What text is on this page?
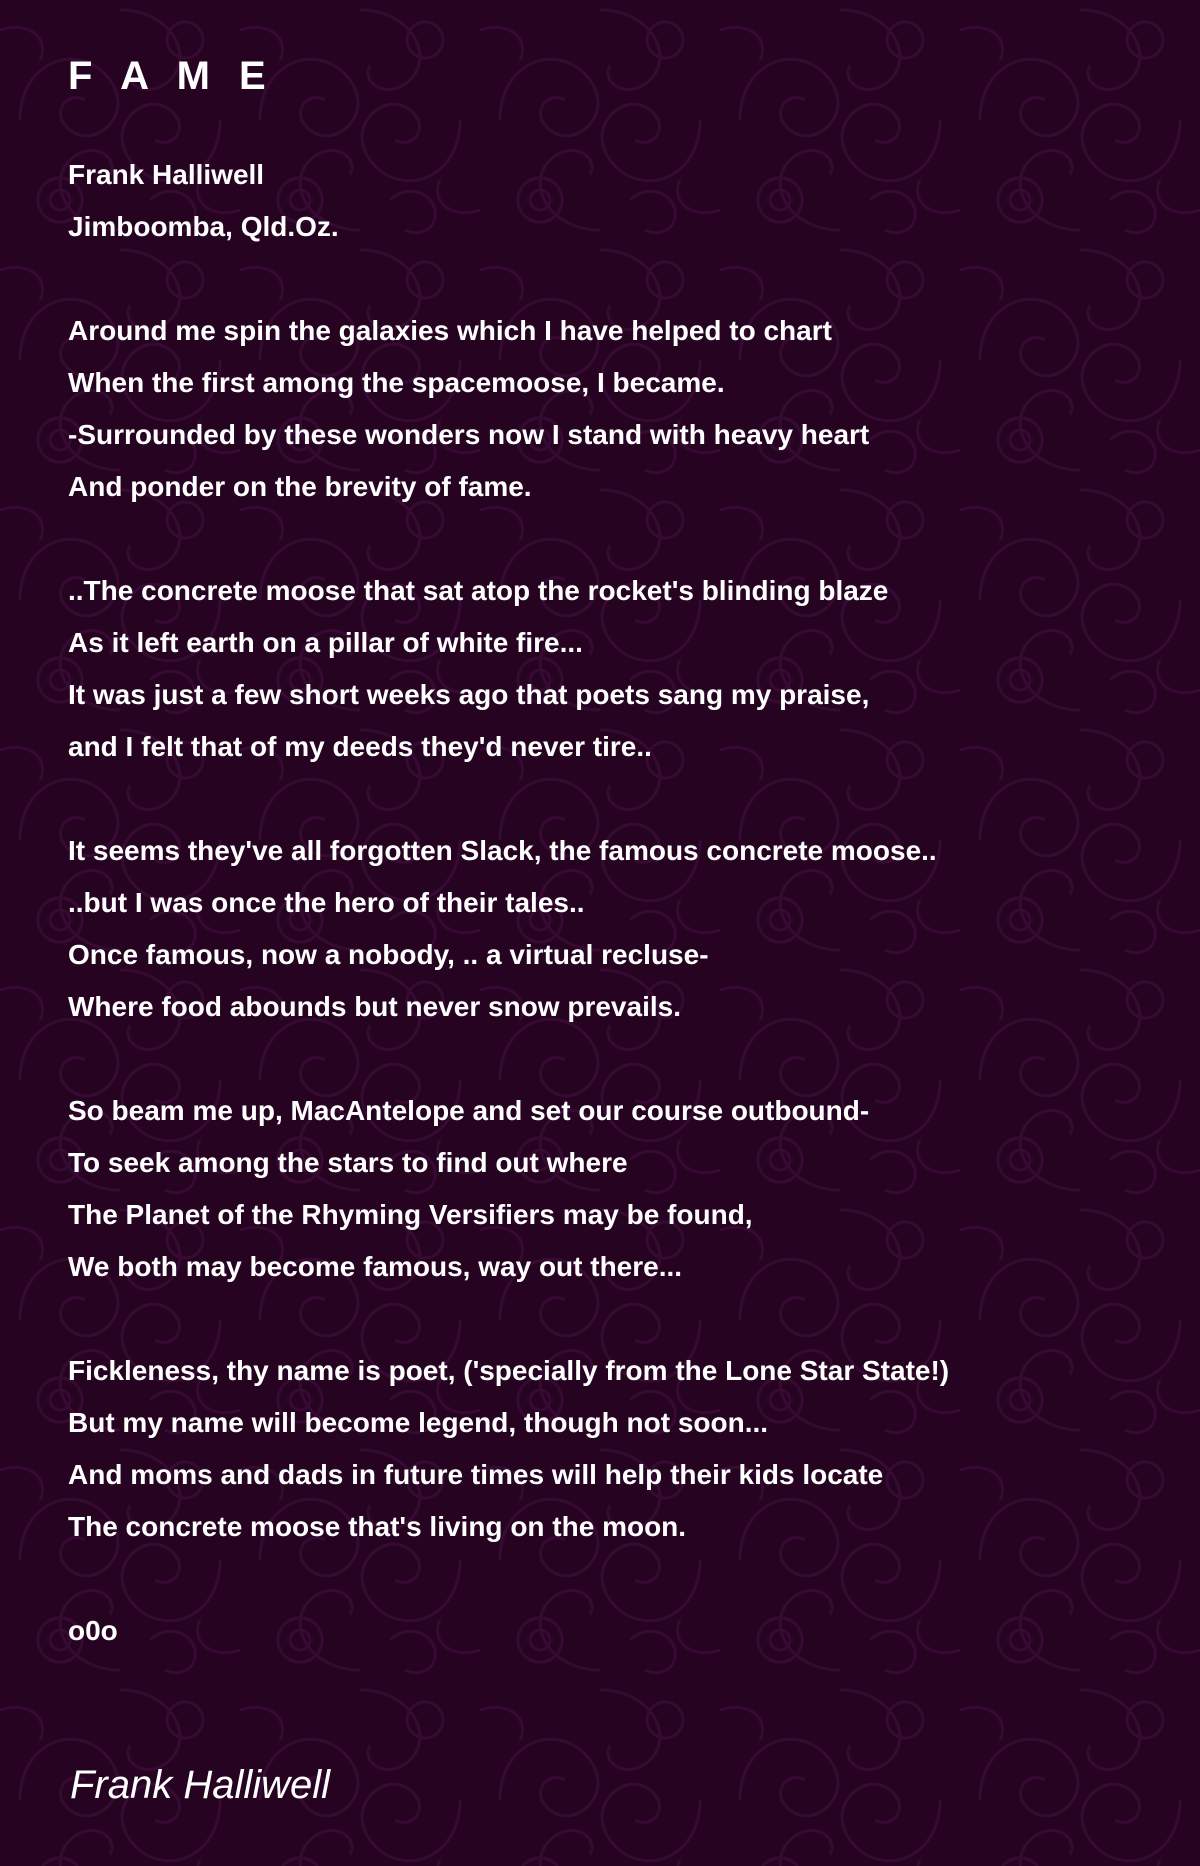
F A M E
Frank Halliwell
Jimboomba, Qld.Oz.
Around me spin the galaxies which I have helped to chart
When the first among the spacemoose, I became.
-Surrounded by these wonders now I stand with heavy heart
And ponder on the brevity of fame.
..The concrete moose that sat atop the rocket's blinding blaze
As it left earth on a pillar of white fire...
It was just a few short weeks ago that poets sang my praise,
and I felt that of my deeds they'd never tire..
It seems they've all forgotten Slack, the famous concrete moose..
..but I was once the hero of their tales..
Once famous, now a nobody, .. a virtual recluse-
Where food abounds but never snow prevails.
So beam me up, MacAntelope and set our course outbound-
To seek among the stars to find out where
The Planet of the Rhyming Versifiers may be found,
We both may become famous, way out there...
Fickleness, thy name is poet, ('specially from the Lone Star State!)
But my name will become legend, though not soon...
And moms and dads in future times will help their kids locate
The concrete moose that's living on the moon.
o0o
Frank Halliwell
